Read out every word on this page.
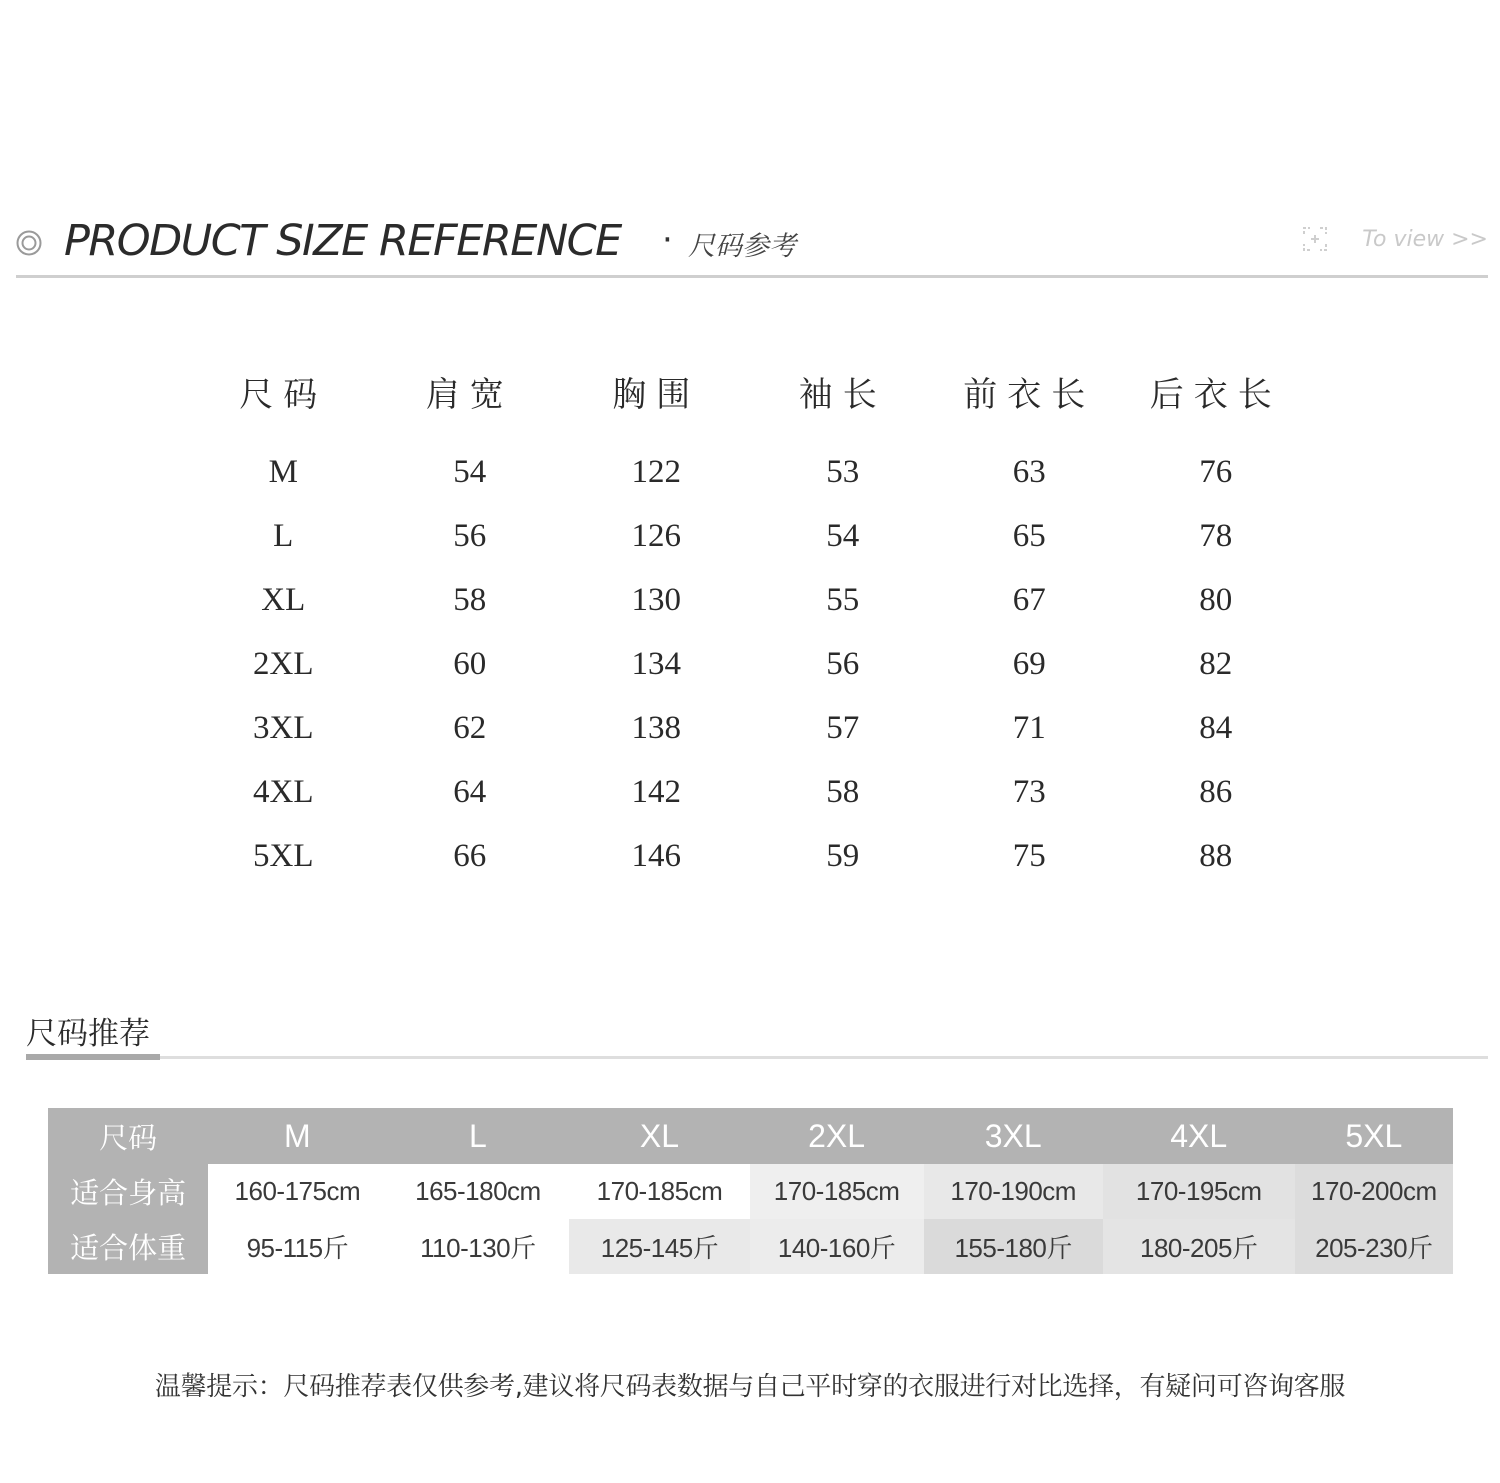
PRODUCT SIZE REFERENCE · 尺码参考	To view >>
尺码	肩宽	胸围	袖长	前衣长	后衣长
M	54	122	53	63	76
L	56	126	54	65	78
XL	58	130	55	67	80
2XL	60	134	56	69	82
3XL	62	138	57	71	84
4XL	64	142	58	73	86
5XL	66	146	59	75	88
尺码推荐
尺码	M	L	XL	2XL	3XL	4XL	5XL
适合身高	160-175cm	165-180cm	170-185cm	170-185cm	170-190cm	170-195cm	170-200cm
适合体重	95-115斤	110-130斤	125-145斤	140-160斤	155-180斤	180-205斤	205-230斤
温馨提示：尺码推荐表仅供参考,建议将尺码表数据与自己平时穿的衣服进行对比选择，有疑问可咨询客服
